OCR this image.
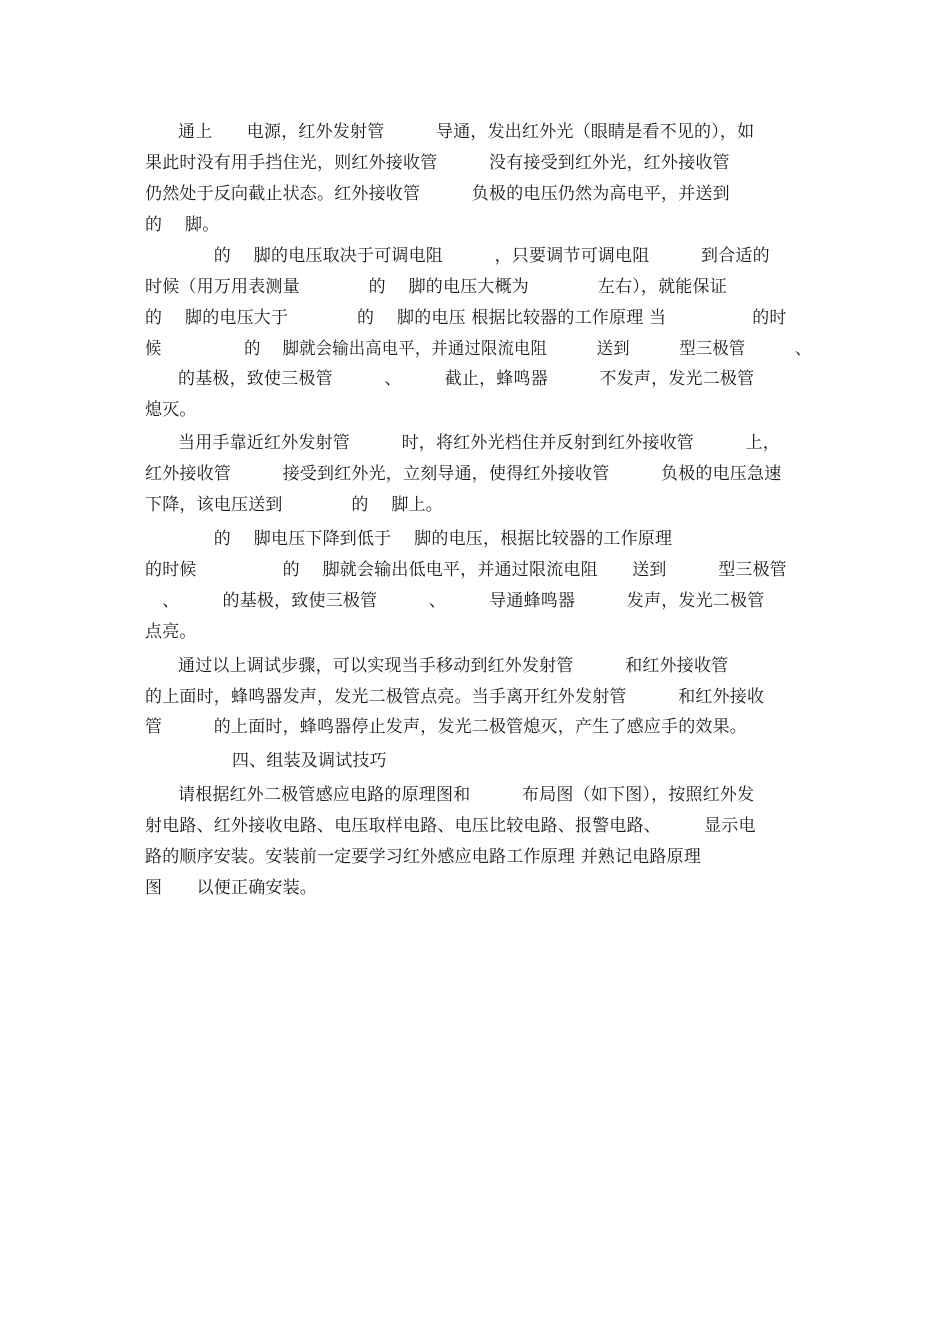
通上　　电源，红外发射管　　　导通，发出红外光（眼睛是看不见的），如
果此时没有用手挡住光，则红外接收管　　　没有接受到红外光，红外接收管
仍然处于反向截止状态。红外接收管　　　负极的电压仍然为高电平，并送到
的　 脚。
　　　　的　 脚的电压取决于可调电阻　　　，只要调节可调电阻　　　到合适的
时候（用万用表测量　　　　的　 脚的电压大概为　　　　左右），就能保证
的　 脚的电压大于　　　　的　 脚的电压 根据比较器的工作原理 当　　　　　的时
候　　　　　的　 脚就会输出高电平，并通过限流电阻　　　送到　　　型三极管　　　、
的基极，致使三极管　　　、　　　截止，蜂鸣器　　　不发声，发光二极管
熄灭。
当用手靠近红外发射管　　　时，将红外光档住并反射到红外接收管　　　上，
红外接收管　　　接受到红外光，立刻导通，使得红外接收管　　　负极的电压急速
下降，该电压送到　　　　的　 脚上。
　　　　的　 脚电压下降到低于　 脚的电压，根据比较器的工作原理
的时候　　　　　的　 脚就会输出低电平，并通过限流电阻　　送到　　　型三极管
　、　　　的基极，致使三极管　　　、　　　导通蜂鸣器　　　发声，发光二极管
点亮。
通过以上调试步骤，可以实现当手移动到红外发射管　　　和红外接收管
的上面时，蜂鸣器发声，发光二极管点亮。当手离开红外发射管　　　和红外接收
管　　　的上面时，蜂鸣器停止发声，发光二极管熄灭，产生了感应手的效果。
四、组装及调试技巧
请根据红外二极管感应电路的原理图和　　　布局图（如下图），按照红外发
射电路、红外接收电路、电压取样电路、电压比较电路、报警电路、　　　显示电
路的顺序安装。安装前一定要学习红外感应电路工作原理 并熟记电路原理
图　　以便正确安装。
